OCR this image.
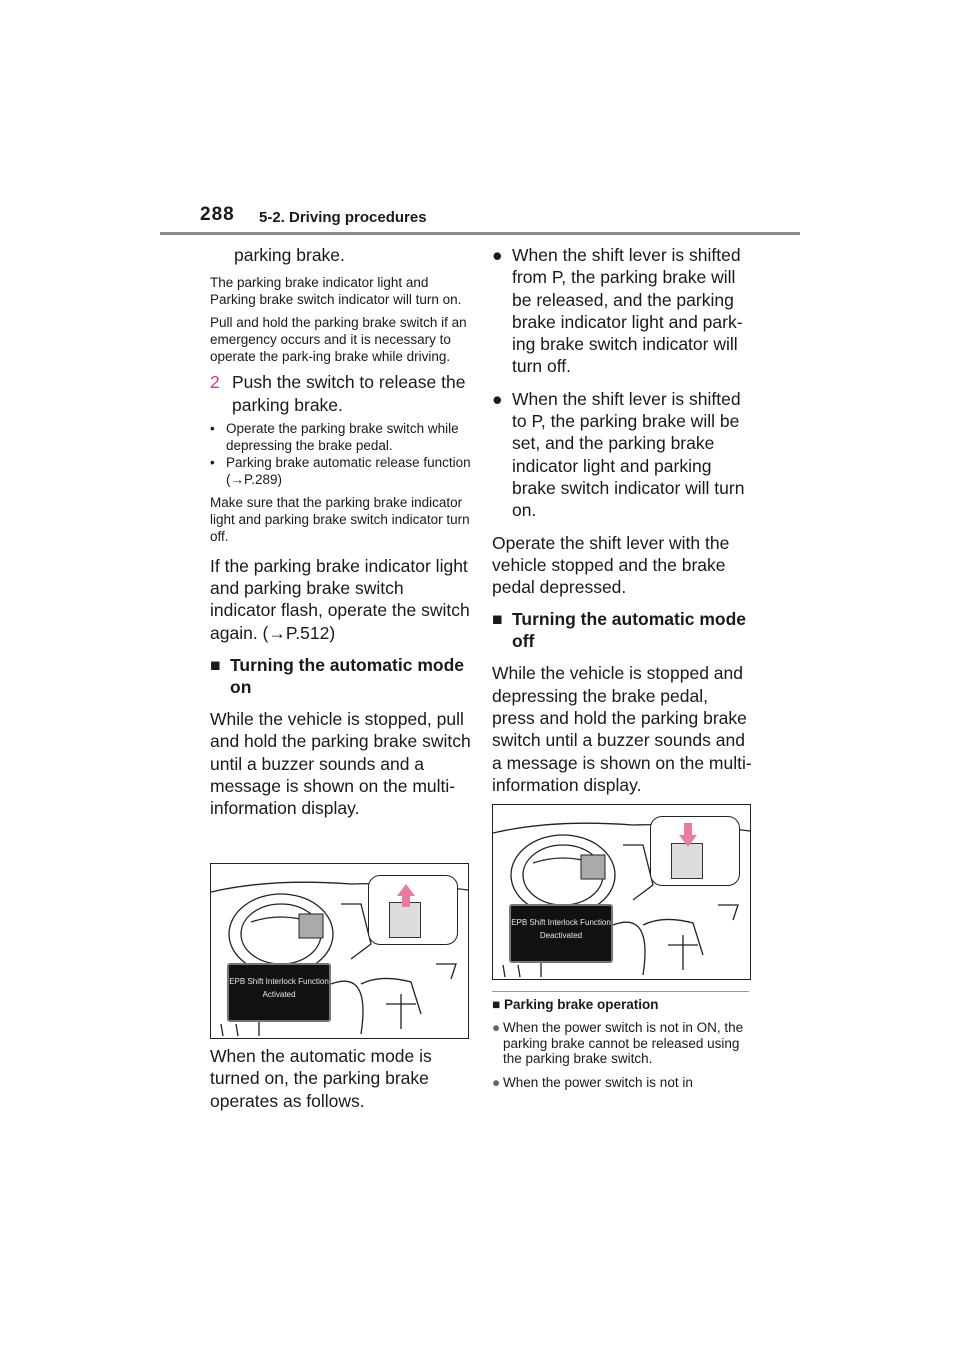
288 5-2. Driving procedures

parking brake.

The parking brake indicator light and Parking brake switch indicator will turn on.

Pull and hold the parking brake switch if an emergency occurs and it is necessary to operate the park-ing brake while driving.

2 Push the switch to release the parking brake.
• Operate the parking brake switch while depressing the brake pedal.
• Parking brake automatic release function (→P.289)

Make sure that the parking brake indicator light and parking brake switch indicator turn off.

If the parking brake indicator light and parking brake switch indicator flash, operate the switch again. (→P.512)

■ Turning the automatic mode on

While the vehicle is stopped, pull and hold the parking brake switch until a buzzer sounds and a message is shown on the multi-information display.

EPB Shift Interlock Function
Activated

When the automatic mode is turned on, the parking brake operates as follows.

● When the shift lever is shifted from P, the parking brake will be released, and the parking brake indicator light and park-ing brake switch indicator will turn off.
● When the shift lever is shifted to P, the parking brake will be set, and the parking brake indicator light and parking brake switch indicator will turn on.

Operate the shift lever with the vehicle stopped and the brake pedal depressed.

■ Turning the automatic mode off

While the vehicle is stopped and depressing the brake pedal, press and hold the parking brake switch until a buzzer sounds and a message is shown on the multi-information display.

EPB Shift Interlock Function
Deactivated
■ Parking brake operation
● When the power switch is not in ON, the parking brake cannot be released using the parking brake switch.
● When the power switch is not in
